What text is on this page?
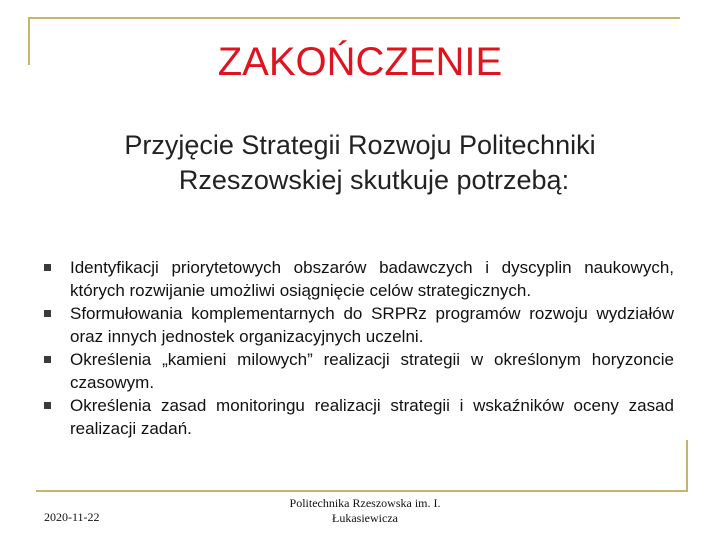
ZAKOŃCZENIE
Przyjęcie Strategii Rozwoju Politechniki
Rzeszowskiej skutkuje potrzebą:
Identyfikacji priorytetowych obszarów badawczych i dyscyplin naukowych, których rozwijanie umożliwi osiągnięcie celów strategicznych.
Sformułowania komplementarnych do SRPRz programów rozwoju wydziałów oraz innych jednostek organizacyjnych uczelni.
Określenia „kamieni milowych” realizacji strategii w określonym horyzoncie czasowym.
Określenia zasad monitoringu realizacji strategii i wskaźników oceny zasad realizacji zadań.
2020-11-22
Politechnika Rzeszowska im. I.
Łukasiewicza
